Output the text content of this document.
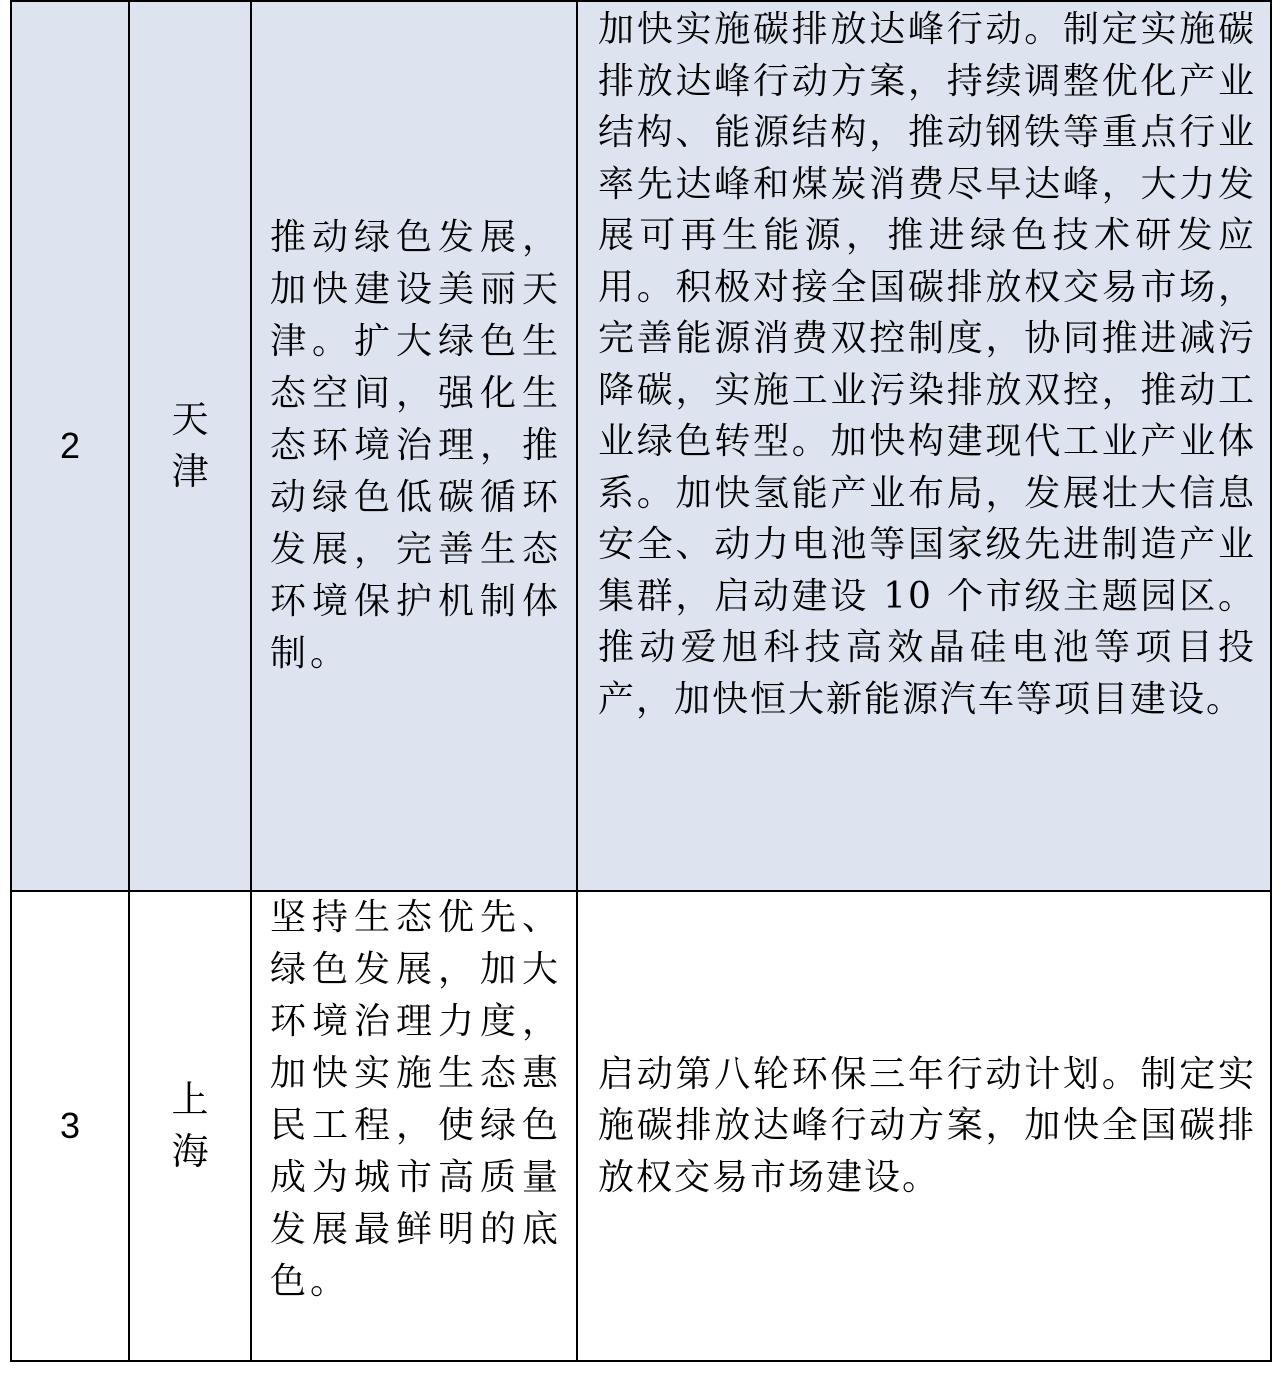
2	天津	推动绿色发展，加快建设美丽天津。扩大绿色生态空间，强化生态环境治理，推动绿色低碳循环发展，完善生态环境保护机制体制。	加快实施碳排放达峰行动。制定实施碳排放达峰行动方案，持续调整优化产业结构、能源结构，推动钢铁等重点行业率先达峰和煤炭消费尽早达峰，大力发展可再生能源，推进绿色技术研发应用。积极对接全国碳排放权交易市场，完善能源消费双控制度，协同推进减污降碳，实施工业污染排放双控，推动工业绿色转型。加快构建现代工业产业体系。加快氢能产业布局，发展壮大信息安全、动力电池等国家级先进制造产业集群，启动建设 10 个市级主题园区。推动爱旭科技高效晶硅电池等项目投产，加快恒大新能源汽车等项目建设。
3	上海	坚持生态优先、绿色发展，加大环境治理力度，加快实施生态惠民工程，使绿色成为城市高质量发展最鲜明的底色。	启动第八轮环保三年行动计划。制定实施碳排放达峰行动方案，加快全国碳排放权交易市场建设。
